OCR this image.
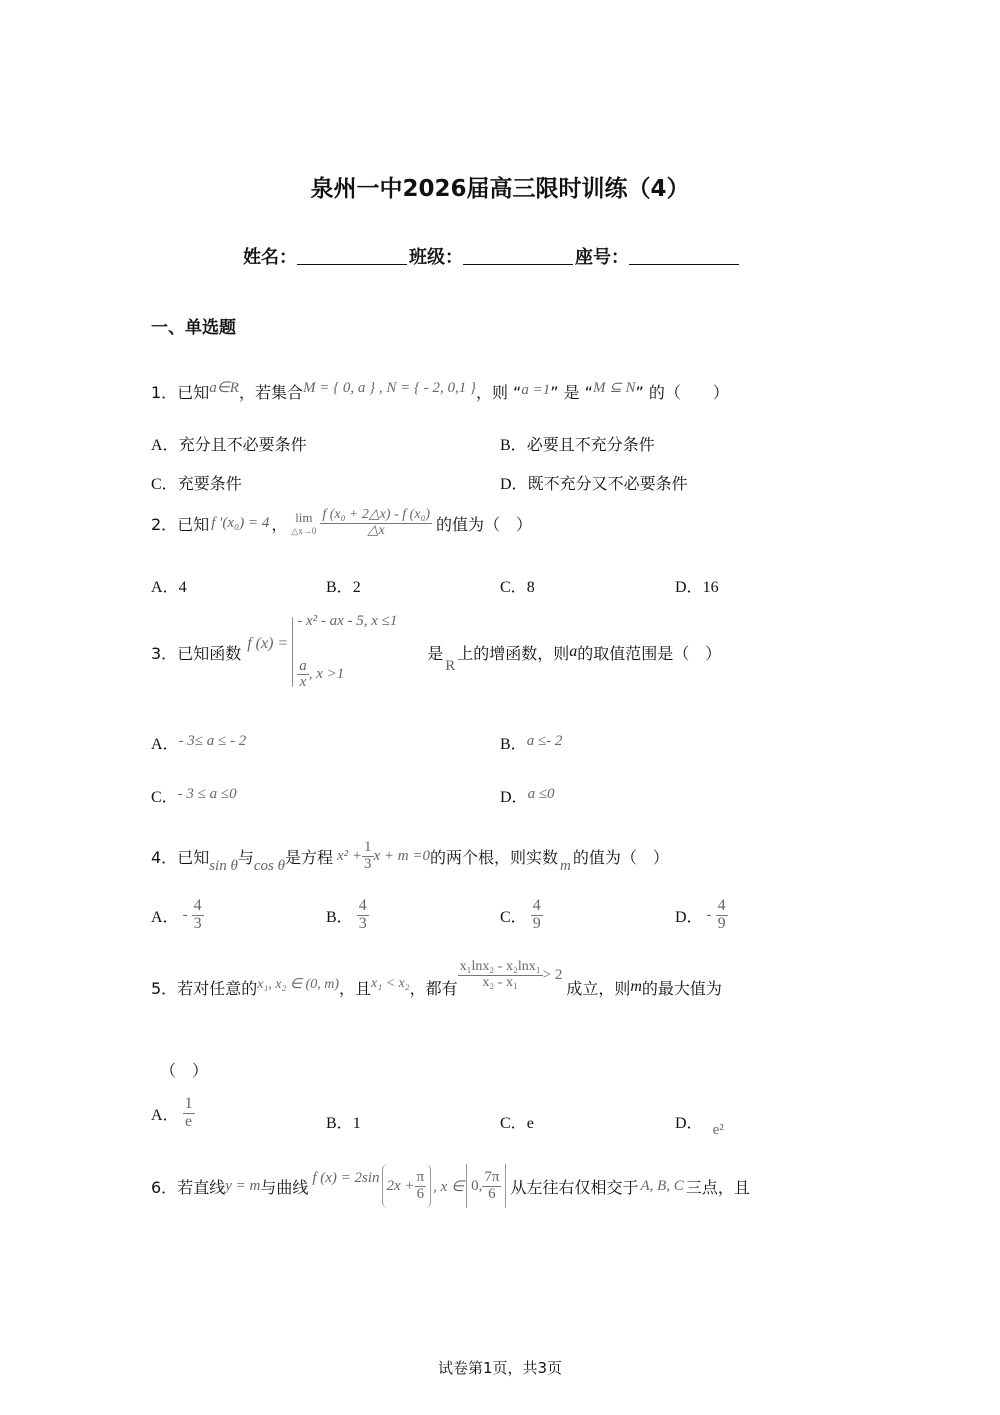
泉州一中2026届高三限时训练（4）
姓名：	班级：	座号：
一、单选题
1．已知a∈R，若集合M = { 0, a } , N = { - 2, 0,1 }，则 “a =1” 是 “M ⊆ N” 的（　　）
A．充分且不必要条件	B．必要且不充分条件
C．充要条件	D．既不充分又不必要条件
2． 已知 f ′(x₀) = 4 ， lim
△x→0 $\frac{\text{f (x₀ + 2△x) - f (x₀)}}{\triangle x}$ 的值为（　）
A．4	B．2	C．8	D．16
3． 已知函数 f (x) =
- x² - ax - 5, x ≤1
$\frac{a}{x}$ , x >1
是
R
上的增函数，则 a 的取值范围是（　）
A．- 3≤ a ≤ - 2	B．a ≤- 2
C．- 3 ≤ a ≤0	D．a ≤0
4． 已知 sin θ 与 cos θ 是方程 $x^2 + \frac{1}{3}$ x + m =0 的两个根，则实数 m 的值为（　）
A． - $\frac{4}{3}$	B． $\frac{4}{3}$	C． $\frac{4}{9}$	D． - $\frac{4}{9}$
5． 若对任意的 x₁, x₂ ∈ (0, m) ，且 x₁ < x₂ ，都有 $\frac{\text{x₁lnx₂ - x₂lnx₁}}{\text{x₂ - x₁}} > 2$
成立，则 m 的最大值为
（　）
A． $\frac{1}{e}$	B．1	C．e	D． e²
6． 若直线 y = m 与曲线 f (x) = 2sin $2x + \frac{\pi}{6}$ , x ∈ 0, $\frac{7\pi}{6}$ 从左往右仅相交于 A, B, C 三点，且
试卷第1页，共3页
